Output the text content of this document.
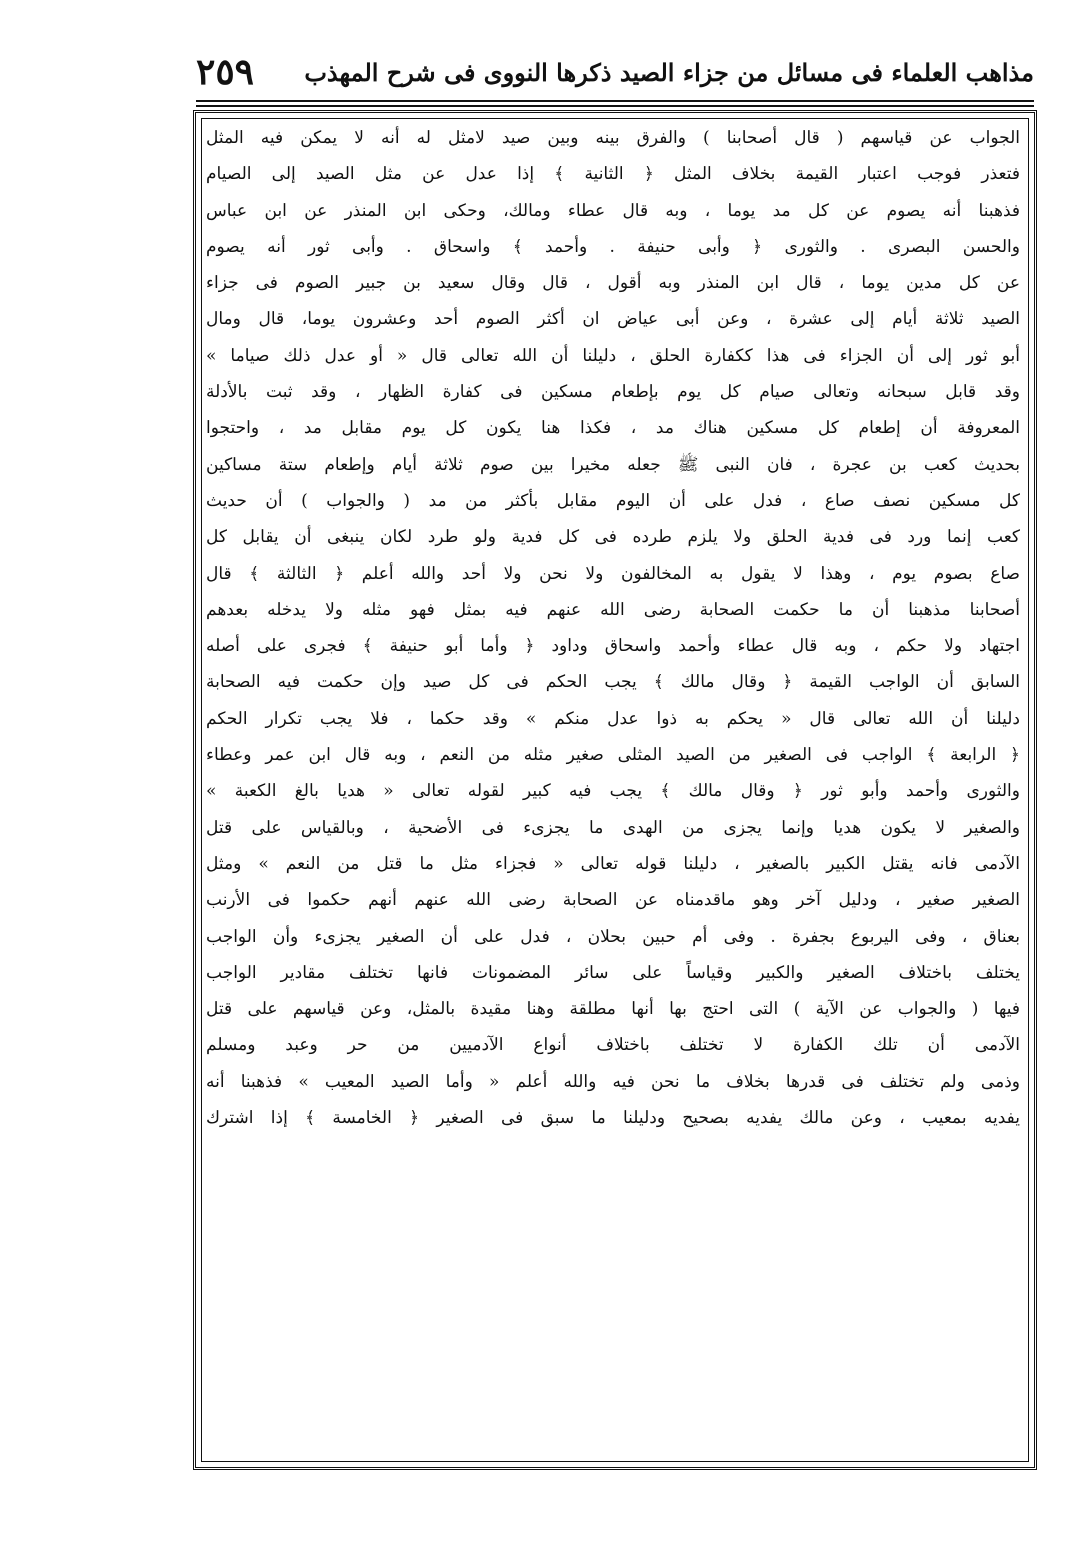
مذاهب العلماء فى مسائل من جزاء الصيد ذكرها النووى فى شرح المهذب
٢٥٩
الجواب عن قياسهم ( قال أصحابنا ) والفرق بينه وبين صيد لامثل له أنه لا يمكن فيه المثل
فتعذر فوجب اعتبار القيمة بخلاف المثل ﴿ الثانية ﴾ إذا عدل عن مثل الصيد إلى الصيام
فذهبنا أنه يصوم عن كل مد يوما ، وبه قال عطاء ومالك، وحكى ابن المنذر عن ابن عباس
والحسن البصرى . والثورى ﴿ وأبى حنيفة . وأحمد ﴾ واسحاق . وأبى ثور أنه يصوم
عن كل مدين يوما ، قال ابن المنذر وبه أقول ، قال وقال سعيد بن جبير الصوم فى جزاء
الصيد ثلاثة أيام إلى عشرة ، وعن أبى عياض ان أكثر الصوم أحد وعشرون يوما، قال ومال
أبو ثور إلى أن الجزاء فى هذا ككفارة الحلق ، دليلنا أن الله تعالى قال « أو عدل ذلك صياما »
وقد قابل سبحانه وتعالى صيام كل يوم بإطعام مسكين فى كفارة الظهار ، وقد ثبت بالأدلة
المعروفة أن إطعام كل مسكين هناك مد ، فكذا هنا يكون كل يوم مقابل مد ، واحتجوا
بحديث كعب بن عجرة ، فان النبى ﷺ جعله مخيرا بين صوم ثلاثة أيام وإطعام ستة مساكين
كل مسكين نصف صاع ، فدل على أن اليوم مقابل بأكثر من مد ( والجواب ) أن حديث
كعب إنما ورد فى فدية الحلق ولا يلزم طرده فى كل فدية ولو طرد لكان ينبغى أن يقابل كل
صاع بصوم يوم ، وهذا لا يقول به المخالفون ولا نحن ولا أحد والله أعلم ﴿ الثالثة ﴾ قال
أصحابنا مذهبنا أن ما حكمت الصحابة رضى الله عنهم فيه بمثل فهو مثله ولا يدخله بعدهم
اجتهاد ولا حكم ، وبه قال عطاء وأحمد واسحاق وداود ﴿ وأما أبو حنيفة ﴾ فجرى على أصله
السابق أن الواجب القيمة ﴿ وقال مالك ﴾ يجب الحكم فى كل صيد وإن حكمت فيه الصحابة
دليلنا أن الله تعالى قال « يحكم به ذوا عدل منكم » وقد حكما ، فلا يجب تكرار الحكم
﴿ الرابعة ﴾ الواجب فى الصغير من الصيد المثلى صغير مثله من النعم ، وبه قال ابن عمر وعطاء
والثورى وأحمد وأبو ثور ﴿ وقال مالك ﴾ يجب فيه كبير لقوله تعالى « هديا بالغ الكعبة »
والصغير لا يكون هديا وإنما يجزى من الهدى ما يجزىء فى الأضحية ، وبالقياس على قتل
الآدمى فانه يقتل الكبير بالصغير ، دليلنا قوله تعالى « فجزاء مثل ما قتل من النعم » ومثل
الصغير صغير ، ودليل آخر وهو ماقدمناه عن الصحابة رضى الله عنهم أنهم حكموا فى الأرنب
بعناق ، وفى اليربوع بجفرة . وفى أم حبين بحلان ، فدل على أن الصغير يجزىء وأن الواجب
يختلف باختلاف الصغير والكبير وقياساً على سائر المضمونات فانها تختلف مقادير الواجب
فيها ( والجواب عن الآية ) التى احتج بها أنها مطلقة وهنا مقيدة بالمثل، وعن قياسهم على قتل
الآدمى أن تلك الكفارة لا تختلف باختلاف أنواع الآدميين من حر وعبد ومسلم
وذمى ولم تختلف فى قدرها بخلاف ما نحن فيه والله أعلم « وأما الصيد المعيب » فذهبنا أنه
يفديه بمعيب ، وعن مالك يفديه بصحيح ودليلنا ما سبق فى الصغير ﴿ الخامسة ﴾ إذا اشترك
